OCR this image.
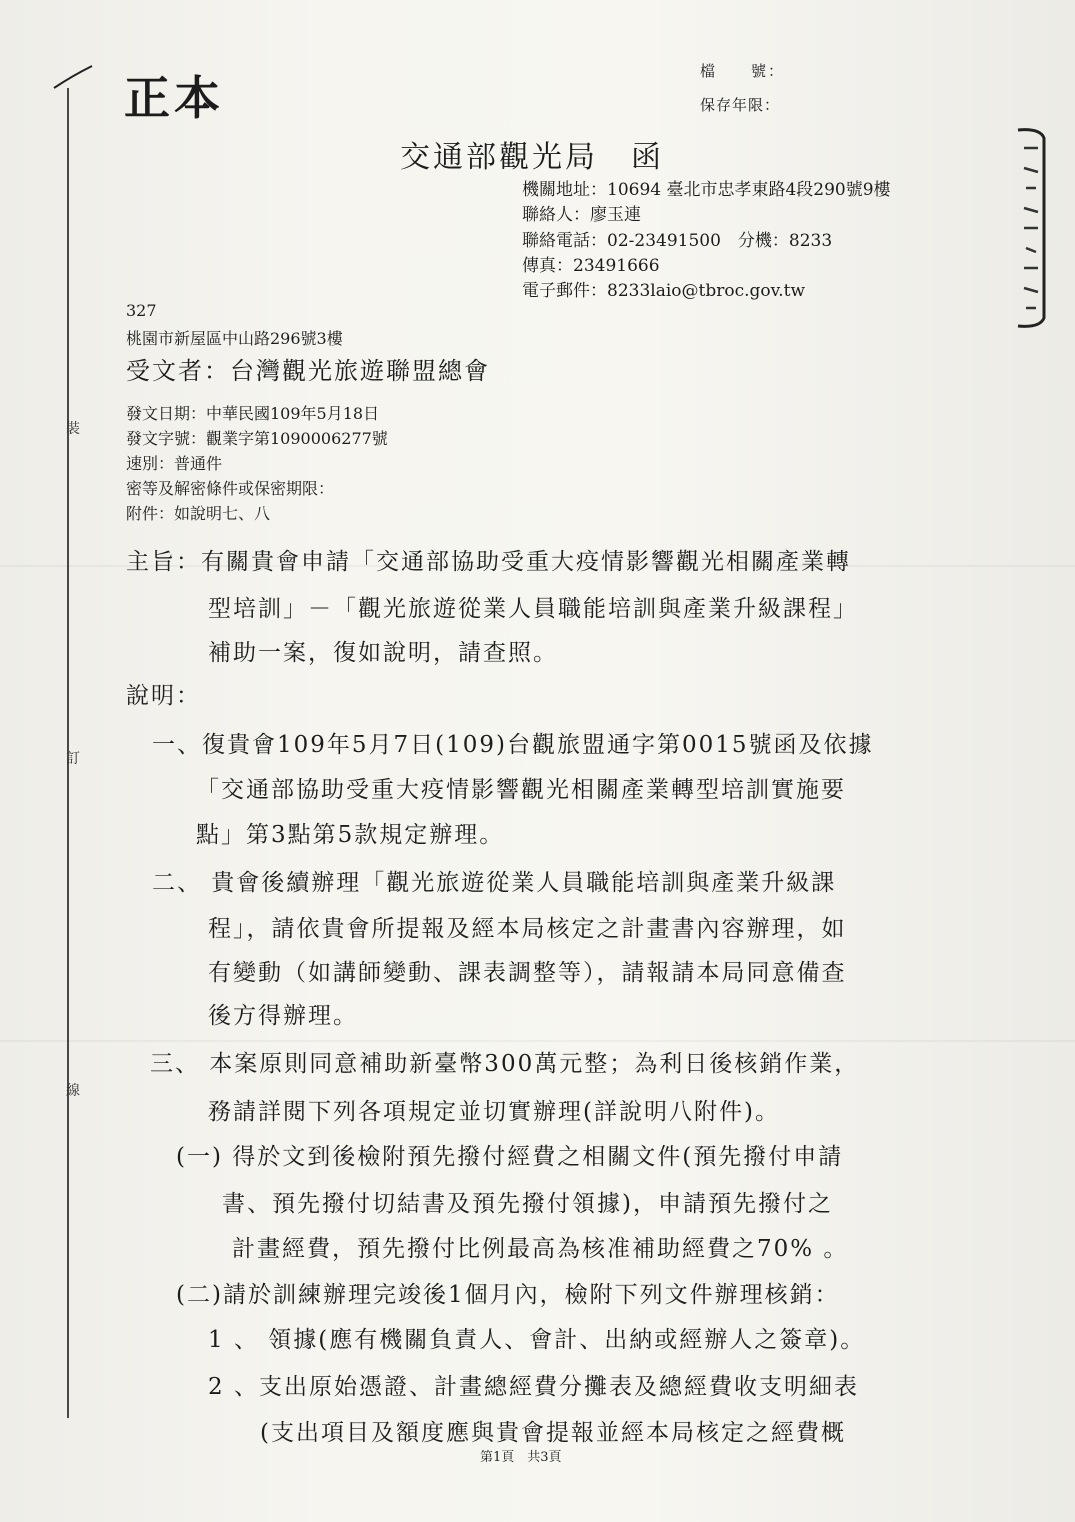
裝
訂
線
正本	檔　　號：
保存年限：
交通部觀光局　函
機關地址：10694 臺北市忠孝東路4段290號9樓
聯絡人：廖玉連
聯絡電話：02-23491500　分機：8233
傳真：23491666
電子郵件：8233laio@tbroc.gov.tw
327
桃園市新屋區中山路296號3樓
受文者：台灣觀光旅遊聯盟總會
發文日期：中華民國109年5月18日
發文字號：觀業字第1090006277號
速別：普通件
密等及解密條件或保密期限：
附件：如說明七、八
主旨：有關貴會申請「交通部協助受重大疫情影響觀光相關產業轉
型培訓」－「觀光旅遊從業人員職能培訓與產業升級課程」
補助一案，復如說明，請查照。
說明：
一、復貴會109年5月7日(109)台觀旅盟通字第0015號函及依據
「交通部協助受重大疫情影響觀光相關產業轉型培訓實施要
點」第3點第5款規定辦理。
二、 貴會後續辦理「觀光旅遊從業人員職能培訓與產業升級課
程」，請依貴會所提報及經本局核定之計畫書內容辦理，如
有變動（如講師變動、課表調整等），請報請本局同意備查
後方得辦理。
三、 本案原則同意補助新臺幣300萬元整；為利日後核銷作業，
務請詳閱下列各項規定並切實辦理(詳說明八附件)。
(一) 得於文到後檢附預先撥付經費之相關文件(預先撥付申請
書、預先撥付切結書及預先撥付領據)，申請預先撥付之
計畫經費，預先撥付比例最高為核准補助經費之70% 。
(二)請於訓練辦理完竣後1個月內，檢附下列文件辦理核銷：
1 、 領據(應有機關負責人、會計、出納或經辦人之簽章)。
2 、支出原始憑證、計畫總經費分攤表及總經費收支明細表
(支出項目及額度應與貴會提報並經本局核定之經費概
第1頁　共3頁
